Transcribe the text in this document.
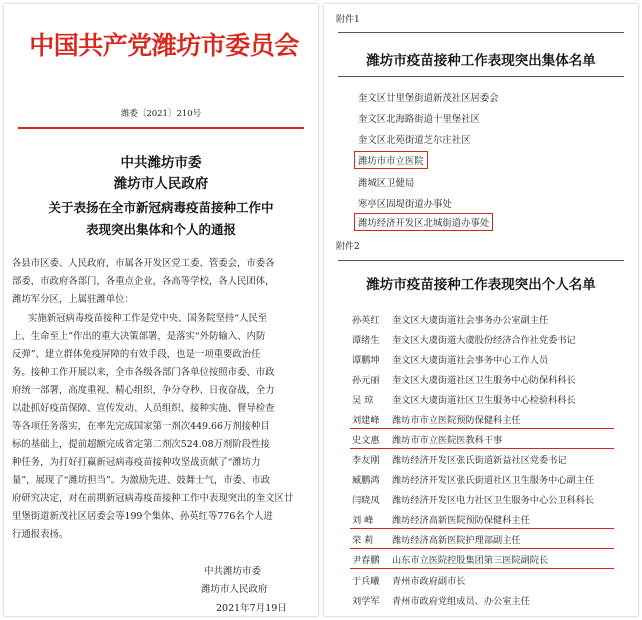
中国共产党潍坊市委员会
潍委〔2021〕210号
中共潍坊市委
潍坊市人民政府
关于表扬在全市新冠病毒疫苗接种工作中
表现突出集体和个人的通报
各县市区委、人民政府，市属各开发区党工委、管委会，市委各
部委，市政府各部门，各重点企业，各高等学校，各人民团体，
潍坊军分区，上属驻潍单位：
实施新冠病毒疫苗接种工作是党中央、国务院坚持“人民至
上、生命至上”作出的重大决策部署，是落实“外防输入、内防
反弹”、建立群体免疫屏障的有效手段，也是一项重要政治任
务。接种工作开展以来，全市各级各部门各单位按照市委、市政
府统一部署，高度重视、精心组织，争分夺秒、日夜奋战，全力
以赴抓好疫苗保障、宣传发动、人员组织、接种实施、督导检查
等各项任务落实，在率先完成国家第一剂次449.66万剂接种目
标的基础上，提前超额完成省定第二剂次524.08万剂阶段性接
种任务，为打好打赢新冠病毒疫苗接种攻坚战贡献了“潍坊力
量”，展现了“潍坊担当”。为激励先进、鼓舞士气，市委、市政
府研究决定，对在前期新冠病毒疫苗接种工作中表现突出的奎文区廿
里堡街道新茂社区居委会等199个集体、孙英红等776名个人进
行通报表扬。
中共潍坊市委
潍坊市人民政府
2021年7月19日
附件1
潍坊市疫苗接种工作表现突出集体名单
奎文区廿里堡街道新茂社区居委会
奎文区北海路街道十里堡社区
奎文区北苑街道芝尔庄社区
潍坊市市立医院
潍城区卫健局
寒亭区固堤街道办事处
潍坊经济开发区北城街道办事处
附件2
潍坊市疫苗接种工作表现突出个人名单
孙英红 奎文区大虞街道社会事务办公室副主任
谭绪生 奎文区大虞街道大虞股份经济合作社党委书记
谭鹏坤 奎文区大虞街道社会事务中心工作人员
孙元丽 奎文区大虞街道社区卫生服务中心防保科科长
吴 琼 奎文区大虞街道社区卫生服务中心检验科科长
刘建峰 潍坊市市立医院预防保健科主任
史文惠 潍坊市市立医院医教科干事
李友刚 潍坊经济开发区张氏街道新益社区党委书记
臧鹏鸿 潍坊经济开发区张氏街道社区卫生服务中心副主任
闫晓凤 潍坊经济开发区电力社区卫生服务中心公卫科科长
刘 峰 潍坊经济高新医院预防保健科主任
荣 莉 潍坊经济高新医院护理部副主任
尹春鹏 山东市立医院控股集团第三医院副院长
于兵曦 青州市政府副市长
刘学军 青州市政府党组成员、办公室主任
